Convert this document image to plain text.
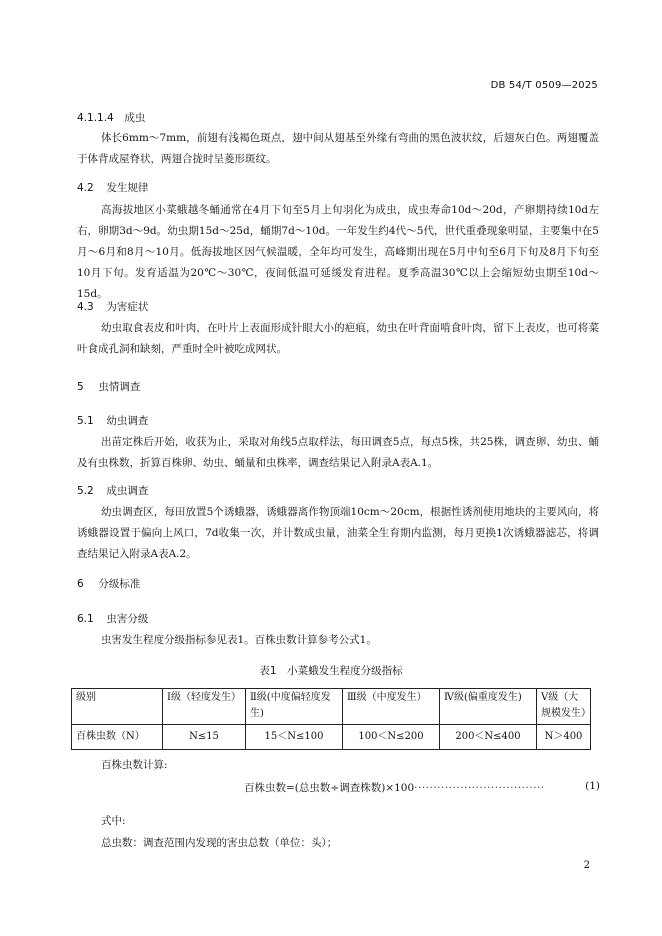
DB 54/T 0509—2025
4.1.1.4 成虫
体长6mm～7mm，前翅有浅褐色斑点，翅中间从翅基至外缘有弯曲的黑色波状纹，后翅灰白色。两翅覆盖于体背成屋脊状，两翅合拢时呈菱形斑纹。
4.2 发生规律
高海拔地区小菜蛾越冬蛹通常在4月下旬至5月上旬羽化为成虫，成虫寿命10d～20d，产卵期持续10d左右，卵期3d～9d。幼虫期15d～25d，蛹期7d～10d。一年发生约4代～5代，世代重叠现象明显，主要集中在5月～6月和8月～10月。低海拔地区因气候温暖，全年均可发生，高峰期出现在5月中旬至6月下旬及8月下旬至10月下旬。发育适温为20℃～30℃，夜间低温可延缓发育进程。夏季高温30℃以上会缩短幼虫期至10d～15d。
4.3 为害症状
幼虫取食表皮和叶肉，在叶片上表面形成针眼大小的疤痕，幼虫在叶背面啃食叶肉，留下上表皮，也可将菜叶食成孔洞和缺刻，严重时全叶被吃成网状。
5 虫情调查
5.1 幼虫调查
出苗定株后开始，收获为止，采取对角线5点取样法，每田调查5点，每点5株，共25株，调查卵、幼虫、蛹及有虫株数，折算百株卵、幼虫、蛹量和虫株率，调查结果记入附录A表A.1。
5.2 成虫调查
幼虫调查区，每田放置5个诱蛾器，诱蛾器离作物顶端10cm～20cm，根据性诱剂使用地块的主要风向，将诱蛾器设置于偏向上风口，7d收集一次，并计数成虫量，油菜全生育期内监测，每月更换1次诱蛾器滤芯，将调查结果记入附录A表A.2。
6 分级标准
6.1 虫害分级
虫害发生程度分级指标参见表1。百株虫数计算参考公式1。
表1　小菜蛾发生程度分级指标
级别	Ⅰ级（轻度发生）	Ⅱ级(中度偏轻度发生)	Ⅲ级（中度发生）	Ⅳ级(偏重度发生)	Ⅴ级（大规模发生）
百株虫数（N）	N≤15	15＜N≤100	100＜N≤200	200＜N≤400	N＞400
百株虫数计算:
百株虫数=(总虫数÷调查株数)×100··································	(1)
式中:
总虫数：调查范围内发现的害虫总数（单位：头）；
2
